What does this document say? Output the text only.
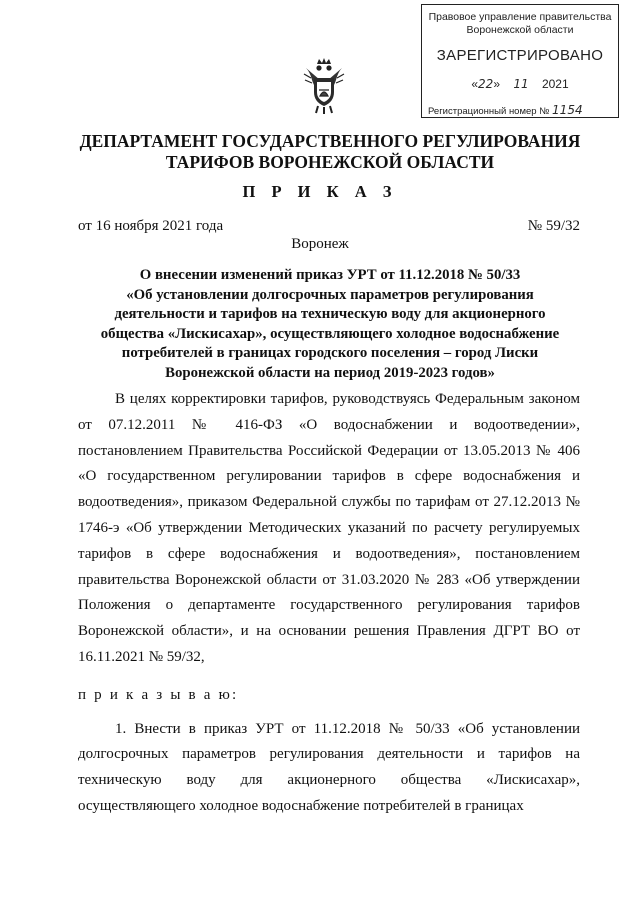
Правовое управление правительства
Воронежской области
ЗАРЕГИСТРИРОВАНО
«22»    11 2021
Регистрационный номер № 1154
ДЕПАРТАМЕНТ ГОСУДАРСТВЕННОГО РЕГУЛИРОВАНИЯ
ТАРИФОВ ВОРОНЕЖСКОЙ ОБЛАСТИ
П Р И К А З
от 16 ноября 2021 года	№ 59/32
Воронеж
О внесении изменений приказ УРТ от 11.12.2018 № 50/33
«Об установлении долгосрочных параметров регулирования
деятельности и тарифов на техническую воду для акционерного
общества «Лискисахар», осуществляющего холодное водоснабжение
потребителей в границах городского поселения – город Лиски
Воронежской области на период 2019-2023 годов»

В целях корректировки тарифов, руководствуясь Федеральным законом от 07.12.2011 № 416-ФЗ «О водоснабжении и водоотведении», постановлением Правительства Российской Федерации от 13.05.2013 № 406 «О государственном регулировании тарифов в сфере водоснабжения и водоотведения», приказом Федеральной службы по тарифам от 27.12.2013 № 1746-э «Об утверждении Методических указаний по расчету регулируемых тарифов в сфере водоснабжения и водоотведения», постановлением правительства Воронежской области от 31.03.2020 № 283 «Об утверждении Положения о департаменте государственного регулирования тарифов Воронежской области», и на основании решения Правления ДГРТ ВО от 16.11.2021 № 59/32,

п р и к а з ы в а ю:

1. Внести в приказ УРТ от 11.12.2018 № 50/33 «Об установлении долгосрочных параметров регулирования деятельности и тарифов на техническую воду для акционерного общества «Лискисахар», осуществляющего холодное водоснабжение потребителей в границах
